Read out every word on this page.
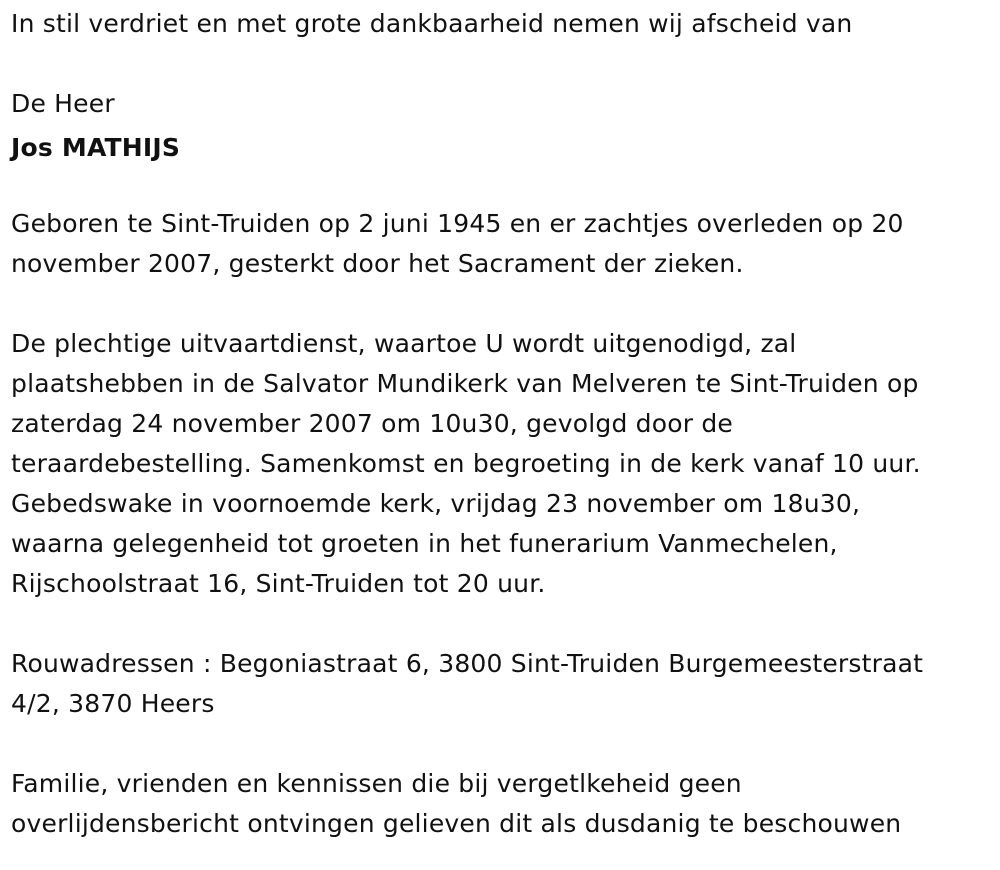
In stil verdriet en met grote dankbaarheid nemen wij afscheid van
De Heer
Jos MATHIJS
Geboren te Sint-Truiden op 2 juni 1945 en er zachtjes overleden op 20
november 2007, gesterkt door het Sacrament der zieken.
De plechtige uitvaartdienst, waartoe U wordt uitgenodigd, zal
plaatshebben in de Salvator Mundikerk van Melveren te Sint-Truiden op
zaterdag 24 november 2007 om 10u30, gevolgd door de
teraardebestelling. Samenkomst en begroeting in de kerk vanaf 10 uur.
Gebedswake in voornoemde kerk, vrijdag 23 november om 18u30,
waarna gelegenheid tot groeten in het funerarium Vanmechelen,
Rijschoolstraat 16, Sint-Truiden tot 20 uur.
Rouwadressen : Begoniastraat 6, 3800 Sint-Truiden Burgemeesterstraat
4/2, 3870 Heers
Familie, vrienden en kennissen die bij vergetlkeheid geen
overlijdensbericht ontvingen gelieven dit als dusdanig te beschouwen
